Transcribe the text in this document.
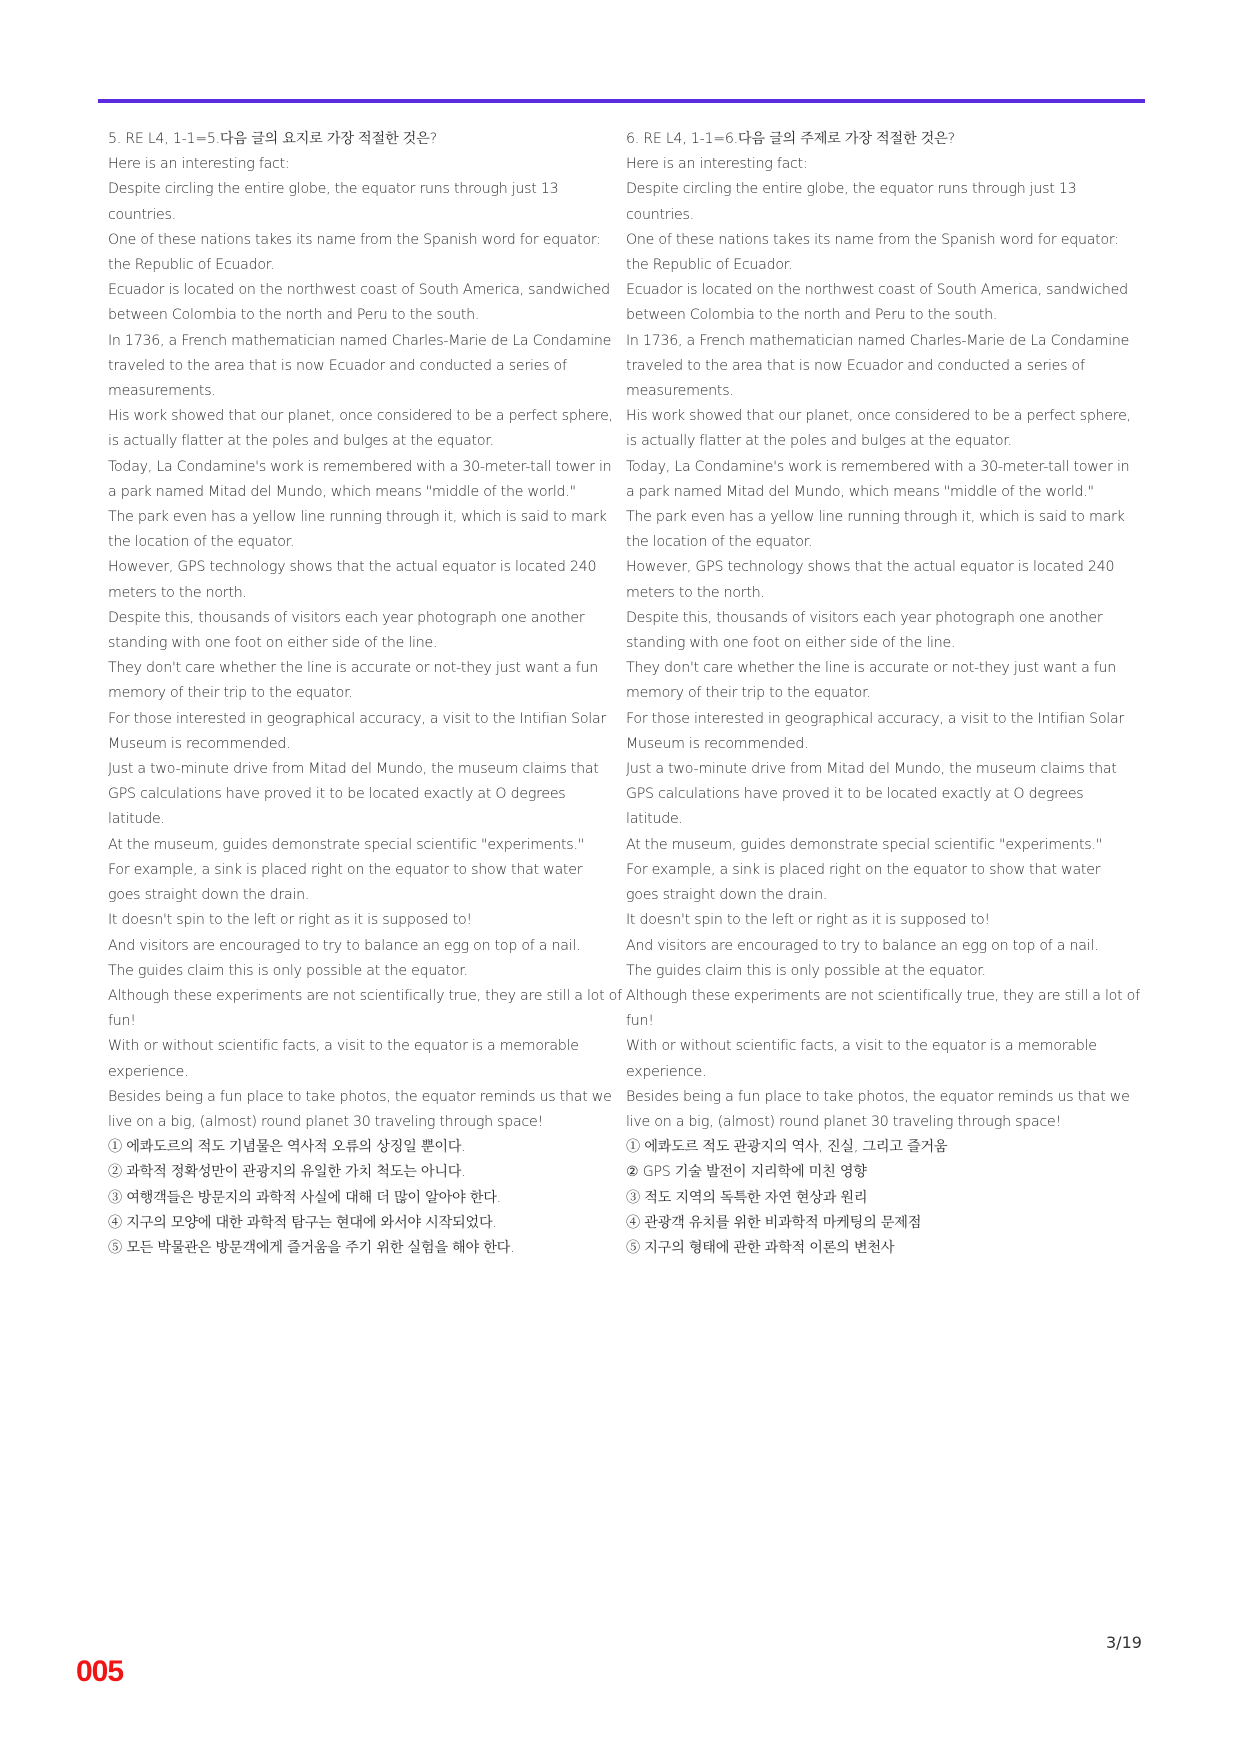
5. RE L4, 1-1=5.다음 글의 요지로 가장 적절한 것은?
Here is an interesting fact:
Despite circling the entire globe, the equator runs through just 13
countries.
One of these nations takes its name from the Spanish word for equator:
the Republic of Ecuador.
Ecuador is located on the northwest coast of South America, sandwiched
between Colombia to the north and Peru to the south.
In 1736, a French mathematician named Charles-Marie de La Condamine
traveled to the area that is now Ecuador and conducted a series of
measurements.
His work showed that our planet, once considered to be a perfect sphere,
is actually flatter at the poles and bulges at the equator.
Today, La Condamine's work is remembered with a 30-meter-tall tower in
a park named Mitad del Mundo, which means "middle of the world."
The park even has a yellow line running through it, which is said to mark
the location of the equator.
However, GPS technology shows that the actual equator is located 240
meters to the north.
Despite this, thousands of visitors each year photograph one another
standing with one foot on either side of the line.
They don't care whether the line is accurate or not-they just want a fun
memory of their trip to the equator.
For those interested in geographical accuracy, a visit to the Intifian Solar
Museum is recommended.
Just a two-minute drive from Mitad del Mundo, the museum claims that
GPS calculations have proved it to be located exactly at O degrees
latitude.
At the museum, guides demonstrate special scientific "experiments."
For example, a sink is placed right on the equator to show that water
goes straight down the drain.
It doesn't spin to the left or right as it is supposed to!
And visitors are encouraged to try to balance an egg on top of a nail.
The guides claim this is only possible at the equator.
Although these experiments are not scientifically true, they are still a lot of
fun!
With or without scientific facts, a visit to the equator is a memorable
experience.
Besides being a fun place to take photos, the equator reminds us that we
live on a big, (almost) round planet 30 traveling through space!
① 에콰도르의 적도 기념물은 역사적 오류의 상징일 뿐이다.
② 과학적 정확성만이 관광지의 유일한 가치 척도는 아니다.
③ 여행객들은 방문지의 과학적 사실에 대해 더 많이 알아야 한다.
④ 지구의 모양에 대한 과학적 탐구는 현대에 와서야 시작되었다.
⑤ 모든 박물관은 방문객에게 즐거움을 주기 위한 실험을 해야 한다.
6. RE L4, 1-1=6.다음 글의 주제로 가장 적절한 것은?
Here is an interesting fact:
Despite circling the entire globe, the equator runs through just 13
countries.
One of these nations takes its name from the Spanish word for equator:
the Republic of Ecuador.
Ecuador is located on the northwest coast of South America, sandwiched
between Colombia to the north and Peru to the south.
In 1736, a French mathematician named Charles-Marie de La Condamine
traveled to the area that is now Ecuador and conducted a series of
measurements.
His work showed that our planet, once considered to be a perfect sphere,
is actually flatter at the poles and bulges at the equator.
Today, La Condamine's work is remembered with a 30-meter-tall tower in
a park named Mitad del Mundo, which means "middle of the world."
The park even has a yellow line running through it, which is said to mark
the location of the equator.
However, GPS technology shows that the actual equator is located 240
meters to the north.
Despite this, thousands of visitors each year photograph one another
standing with one foot on either side of the line.
They don't care whether the line is accurate or not-they just want a fun
memory of their trip to the equator.
For those interested in geographical accuracy, a visit to the Intifian Solar
Museum is recommended.
Just a two-minute drive from Mitad del Mundo, the museum claims that
GPS calculations have proved it to be located exactly at O degrees
latitude.
At the museum, guides demonstrate special scientific "experiments."
For example, a sink is placed right on the equator to show that water
goes straight down the drain.
It doesn't spin to the left or right as it is supposed to!
And visitors are encouraged to try to balance an egg on top of a nail.
The guides claim this is only possible at the equator.
Although these experiments are not scientifically true, they are still a lot of
fun!
With or without scientific facts, a visit to the equator is a memorable
experience.
Besides being a fun place to take photos, the equator reminds us that we
live on a big, (almost) round planet 30 traveling through space!
① 에콰도르 적도 관광지의 역사, 진실, 그리고 즐거움
② GPS 기술 발전이 지리학에 미친 영향
③ 적도 지역의 독특한 자연 현상과 원리
④ 관광객 유치를 위한 비과학적 마케팅의 문제점
⑤ 지구의 형태에 관한 과학적 이론의 변천사
3/19
005
